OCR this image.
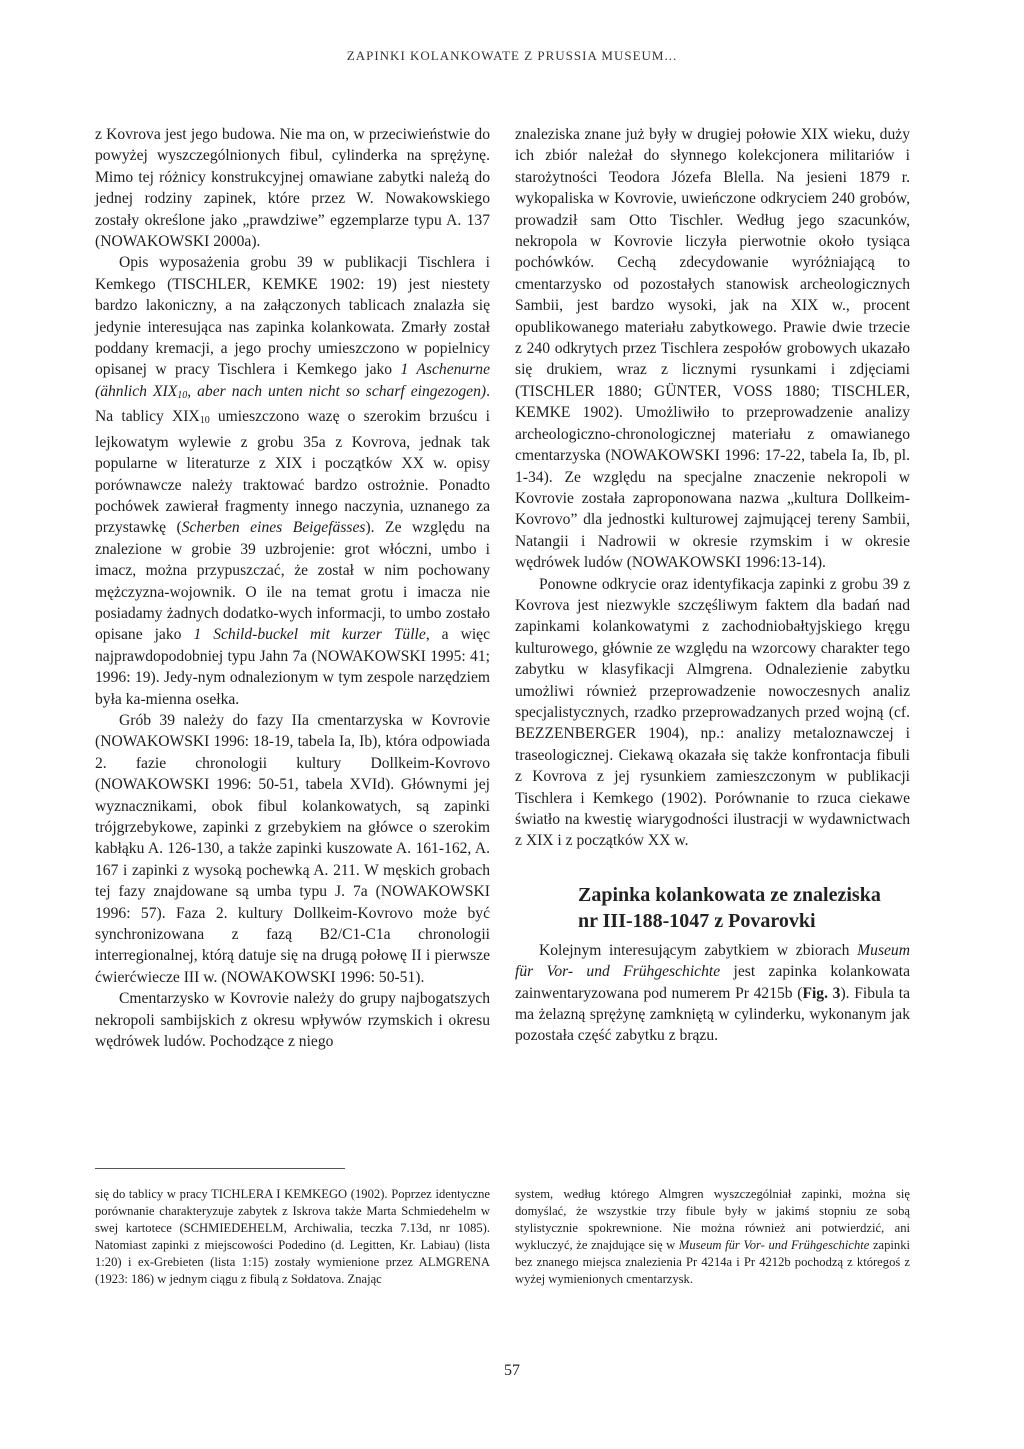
ZAPINKI KOLANKOWATE Z PRUSSIA MUSEUM...

z Kovrova jest jego budowa. Nie ma on, w przeciwieństwie do powyżej wyszczególnionych fibul, cylinderka na sprężynę. Mimo tej różnicy konstrukcyjnej omawiane zabytki należą do jednej rodziny zapinek, które przez W. Nowakowskiego zostały określone jako „prawdziwe” egzemplarze typu A. 137 (NOWAKOWSKI 2000a).

Opis wyposażenia grobu 39 w publikacji Tischlera i Kemkego (TISCHLER, KEMKE 1902: 19) jest niestety bardzo lakoniczny, a na załączonych tablicach znalazła się jedynie interesująca nas zapinka kolankowata. Zmarły został poddany kremacji, a jego prochy umieszczono w popielnicy opisanej w pracy Tischlera i Kemkego jako 1 Aschenurne (ähnlich $XIX_{10}$, aber nach unten nicht so scharf eingezogen). Na tablicy $XIX_{10}$ umieszczono wazę o szerokim brzuścu i lejkowatym wylewie z grobu 35a z Kovrova, jednak tak popularne w literaturze z XIX i początków XX w. opisy porównawcze należy traktować bardzo ostrożnie. Ponadto pochówek zawierał fragmenty innego naczynia, uznanego za przystawkę (Scherben eines Beigefässes). Ze względu na znalezione w grobie 39 uzbrojenie: grot włóczni, umbo i imacz, można przypuszczać, że został w nim pochowany mężczyzna-wojownik. O ile na temat grotu i imacza nie posiadamy żadnych dodatko-wych informacji, to umbo zostało opisane jako 1 Schild-buckel mit kurzer Tülle, a więc najprawdopodobniej typu Jahn 7a (NOWAKOWSKI 1995: 41; 1996: 19). Jedy-nym odnalezionym w tym zespole narzędziem była ka-mienna osełka.

Grób 39 należy do fazy IIa cmentarzyska w Kovrovie (NOWAKOWSKI 1996: 18-19, tabela Ia, Ib), która odpowiada 2. fazie chronologii kultury Dollkeim-Kovrovo (NOWAKOWSKI 1996: 50-51, tabela XVId). Głównymi jej wyznacznikami, obok fibul kolankowatych, są zapinki trójgrzebykowe, zapinki z grzebykiem na główce o szerokim kabłąku A. 126-130, a także zapinki kuszowate A. 161-162, A. 167 i zapinki z wysoką pochewką A. 211. W męskich grobach tej fazy znajdowane są umba typu J. 7a (NOWAKOWSKI 1996: 57). Faza 2. kultury Dollkeim-Kovrovo może być synchronizowana z fazą B2/C1-C1a chronologii interregionalnej, którą datuje się na drugą połowę II i pierwsze ćwierćwiecze III w. (NOWAKOWSKI 1996: 50-51).

Cmentarzysko w Kovrovie należy do grupy najbogatszych nekropoli sambijskich z okresu wpływów rzymskich i okresu wędrówek ludów. Pochodzące z niego

znaleziska znane już były w drugiej połowie XIX wieku, duży ich zbiór należał do słynnego kolekcjonera militariów i starożytności Teodora Józefa Blella. Na jesieni 1879 r. wykopaliska w Kovrovie, uwieńczone odkryciem 240 grobów, prowadził sam Otto Tischler. Według jego szacunków, nekropola w Kovrovie liczyła pierwotnie około tysiąca pochówków. Cechą zdecydowanie wyróżniającą to cmentarzysko od pozostałych stanowisk archeologicznych Sambii, jest bardzo wysoki, jak na XIX w., procent opublikowanego materiału zabytkowego. Prawie dwie trzecie z 240 odkrytych przez Tischlera zespołów grobowych ukazało się drukiem, wraz z licznymi rysunkami i zdjęciami (TISCHLER 1880; GÜNTER, VOSS 1880; TISCHLER, KEMKE 1902). Umożliwiło to przeprowadzenie analizy archeologiczno-chronologicznej materiału z omawianego cmentarzyska (NOWAKOWSKI 1996: 17-22, tabela Ia, Ib, pl. 1-34). Ze względu na specjalne znaczenie nekropoli w Kovrovie została zaproponowana nazwa „kultura Dollkeim-Kovrovo” dla jednostki kulturowej zajmującej tereny Sambii, Natangii i Nadrowii w okresie rzymskim i w okresie wędrówek ludów (NOWAKOWSKI 1996:13-14).

Ponowne odkrycie oraz identyfikacja zapinki z grobu 39 z Kovrova jest niezwykle szczęśliwym faktem dla badań nad zapinkami kolankowatymi z zachodniobałtyjskiego kręgu kulturowego, głównie ze względu na wzorcowy charakter tego zabytku w klasyfikacji Almgrena. Odnalezienie zabytku umożliwi również przeprowadzenie nowoczesnych analiz specjalistycznych, rzadko przeprowadzanych przed wojną (cf. BEZZENBERGER 1904), np.: analizy metaloznawczej i traseologicznej. Ciekawą okazała się także konfrontacja fibuli z Kovrova z jej rysunkiem zamieszczonym w publikacji Tischlera i Kemkego (1902). Porównanie to rzuca ciekawe światło na kwestię wiarygodności ilustracji w wydawnictwach z XIX i z początków XX w.

Zapinka kolankowata ze znaleziska
nr III-188-1047 z Povarovki

Kolejnym interesującym zabytkiem w zbiorach Museum für Vor- und Frühgeschichte jest zapinka kolankowata zainwentaryzowana pod numerem Pr 4215b (Fig. 3). Fibula ta ma żelazną sprężynę zamkniętą w cylinderku, wykonanym jak pozostała część zabytku z brązu.

się do tablicy w pracy TICHLERA I KEMKEGO (1902). Poprzez identyczne porównanie charakteryzuje zabytek z Iskrova także Marta Schmiedehelm w swej kartotece (SCHMIEDEHELM, Archiwalia, teczka 7.13d, nr 1085). Natomiast zapinki z miejscowości Podedino (d. Legitten, Kr. Labiau) (lista 1:20) i ex-Grebieten (lista 1:15) zostały wymienione przez ALMGRENA (1923: 186) w jednym ciągu z fibulą z Sołdatova. Znając

system, według którego Almgren wyszczególniał zapinki, można się domyślać, że wszystkie trzy fibule były w jakimś stopniu ze sobą stylistycznie spokrewnione. Nie można również ani potwierdzić, ani wykluczyć, że znajdujące się w Museum für Vor- und Frühgeschichte zapinki bez znanego miejsca znalezienia Pr 4214a i Pr 4212b pochodzą z któregoś z wyżej wymienionych cmentarzysk.

57
